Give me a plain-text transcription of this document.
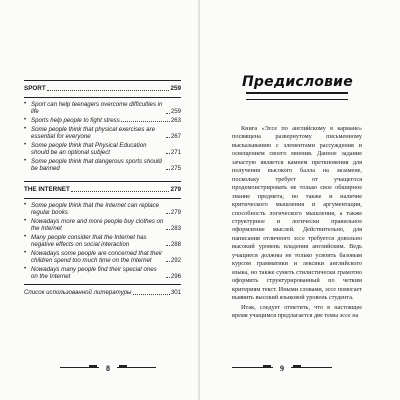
SPORT	259
• Sport can help teenagers overcome difficulties in life	259
• Sports help people to fight stress	263
• Some people think that physical exercises are essential for everyone	267
• Some people think that Physical Education should be an optional subject	271
• Some people think that dangerous sports should be banned	275
THE INTERNET	279
• Some people think that the Internet can replace regular books	279
• Nowadays more and more people buy clothes on the Internet	283
• Many people consider that the Internet has negative effects on social interaction	288
• Nowadays some people are concerned that their children spend too much time on the Internet	292
• Nowadays many people find their special ones on the Internet	296
Список использованной литературы	301
8
Предисловие

Книга «Эссе по английскому в кармане» посвящена развернутому письменному высказыванию с элементами рассуждения и освещением своего мнения. Данное задание зачастую является камнем преткновения для получения высокого балла на экзамене, поскольку требует от учащегося продемонстрировать не только свое обширное знание предмета, но также и наличие критического мышления и аргументации, способность логического мышления, а также структурное и логически правильное оформление мыслей. Действительно, для написания отличного эссе требуется довольно высокий уровень владения английским. Ведь учащиеся должны не только усвоить базовым курсом грамматики и лексики английского языка, но также суметь стилистически грамотно оформить структурированный по четким критериям текст. Иными словами, эссе помогает выявить высокий языковой уровень студента.

Итак, следует отметить, что в настоящее время учащимся предлагается две темы эссе на

9
